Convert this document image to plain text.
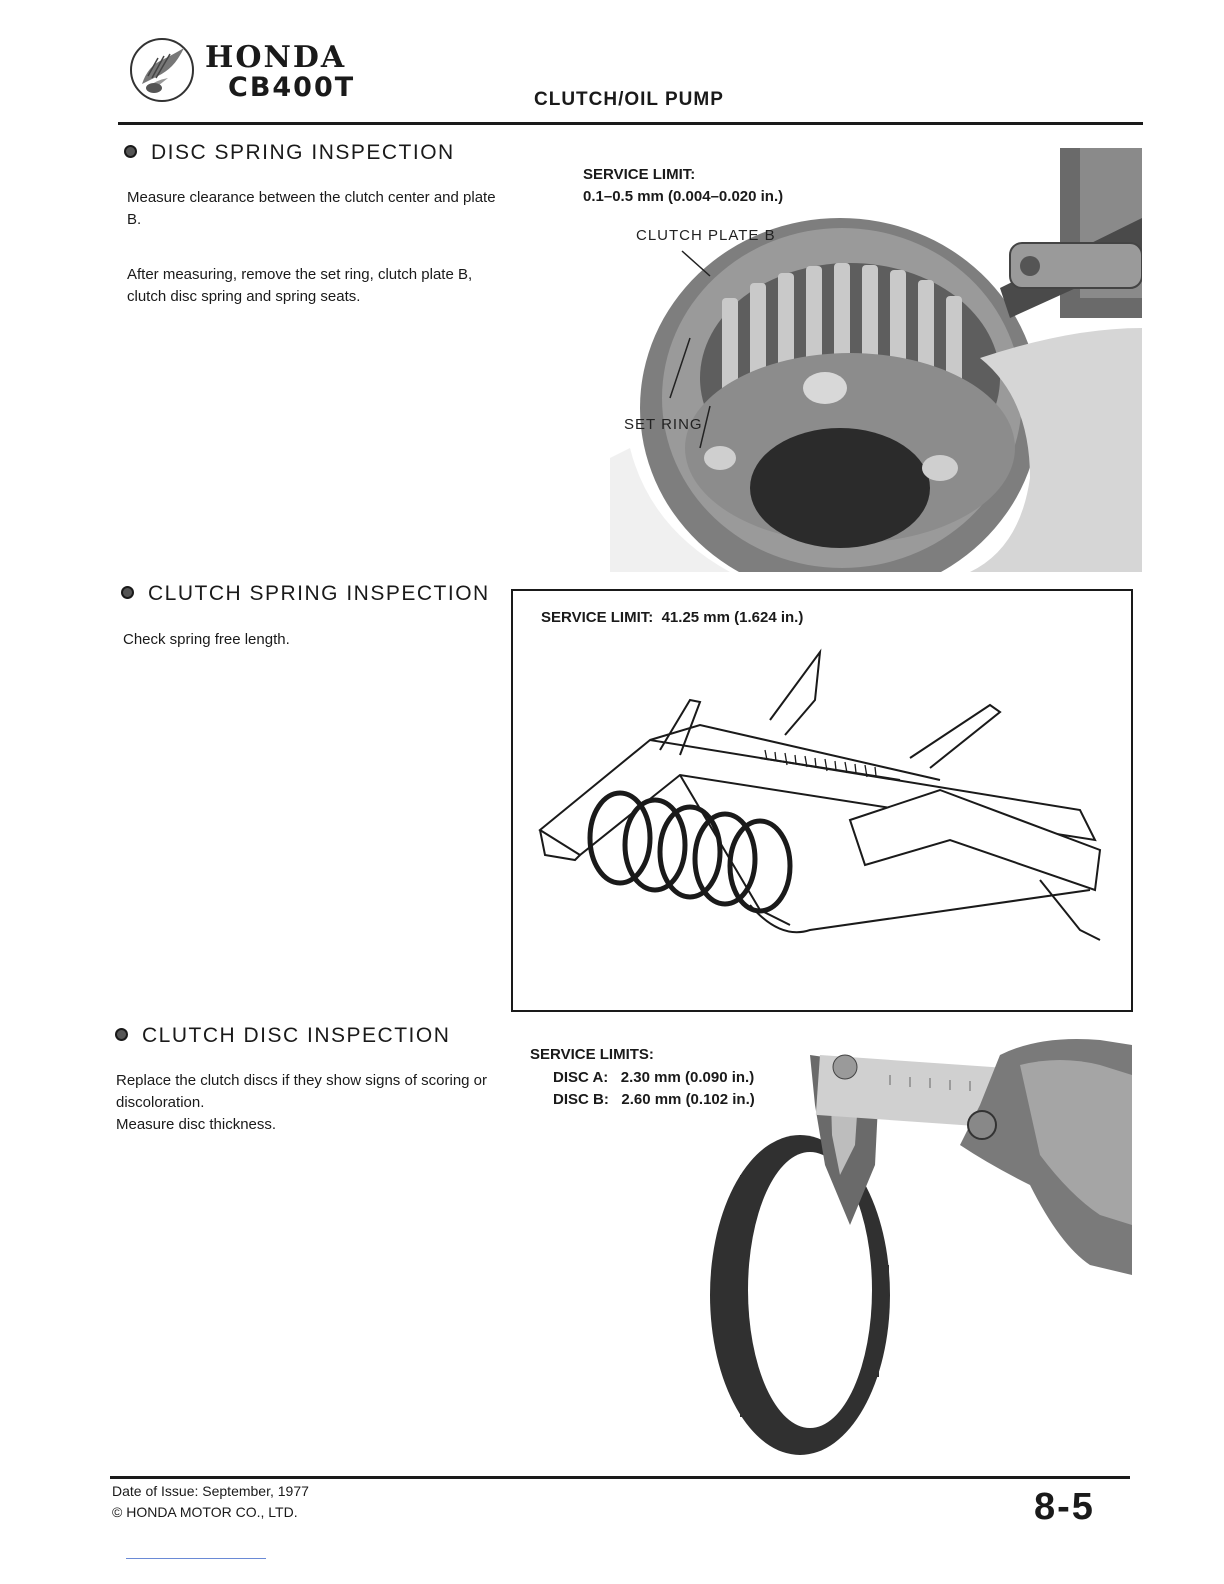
HONDA
CB400T	CLUTCH/OIL PUMP
DISC SPRING INSPECTION
Measure clearance between the clutch center and plate B.
After measuring, remove the set ring, clutch plate B, clutch disc spring and spring seats.
SERVICE LIMIT:
0.1–0.5 mm (0.004–0.020 in.)
CLUTCH PLATE B
SET RING
CLUTCH SPRING INSPECTION
Check spring free length.
SERVICE LIMIT: 41.25 mm (1.624 in.)
CLUTCH DISC INSPECTION
Replace the clutch discs if they show signs of scoring or discoloration.
Measure disc thickness.
SERVICE LIMITS:
DISC A: 2.30 mm (0.090 in.)
DISC B: 2.60 mm (0.102 in.)
Date of Issue: September, 1977
© HONDA MOTOR CO., LTD.	8-5
